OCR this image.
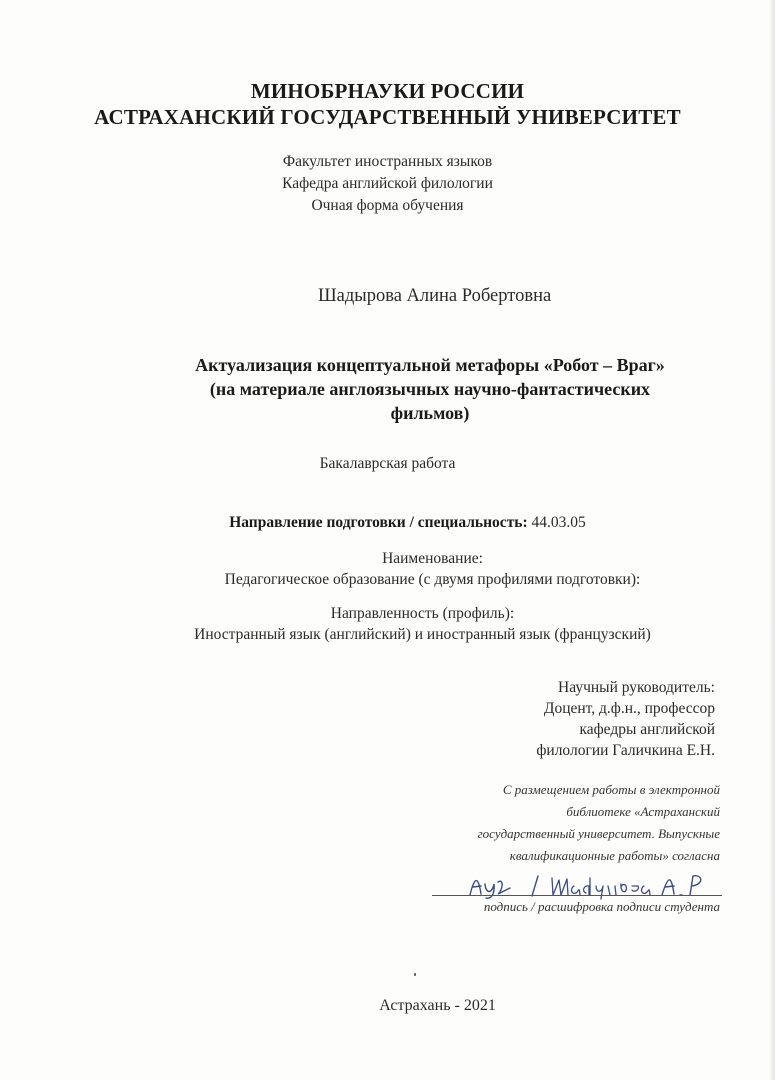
МИНОБРНАУКИ РОССИИ
АСТРАХАНСКИЙ ГОСУДАРСТВЕННЫЙ УНИВЕРСИТЕТ
Факультет иностранных языков
Кафедра английской филологии
Очная форма обучения
Шадырова Алина Робертовна
Актуализация концептуальной метафоры «Робот – Враг»
(на материале англоязычных научно-фантастических
фильмов)
Бакалаврская работа
Направление подготовки / специальность: 44.03.05
Наименование:
Педагогическое образование (с двумя профилями подготовки):
Направленность (профиль):
Иностранный язык (английский) и иностранный язык (французский)
Научный руководитель:
Доцент, д.ф.н., профессор
кафедры английской
филологии Галичкина Е.Н.
С размещением работы в электронной
библиотеке «Астраханский
государственный университет. Выпускные
квалификационные работы» согласна
Ayf / Шадырова А.Р.
подпись / расшифровка подписи студента
Астрахань - 2021
